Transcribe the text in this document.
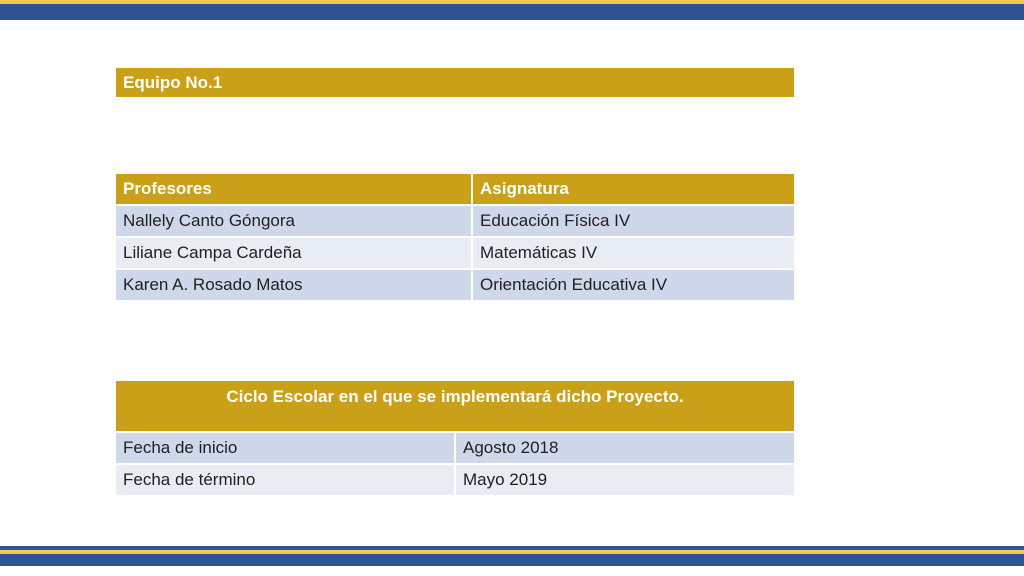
Equipo No.1
Profesores	Asignatura
Nallely Canto Góngora	Educación Física IV
Liliane Campa Cardeña	Matemáticas IV
Karen A. Rosado Matos	Orientación Educativa IV
Ciclo Escolar en el que se implementará dicho Proyecto.	
Fecha de inicio	Agosto 2018
Fecha de término	Mayo 2019
